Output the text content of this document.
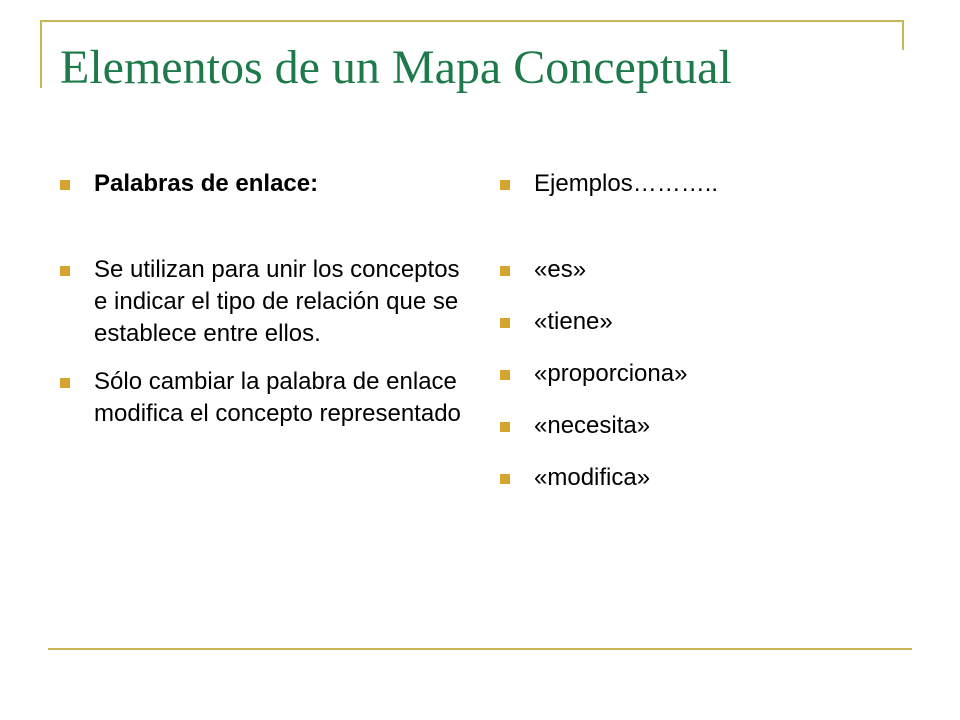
Elementos de un Mapa Conceptual
Palabras de enlace:
Se utilizan para unir los conceptos e indicar el tipo de relación que se establece entre ellos.
Sólo cambiar la palabra de enlace modifica el concepto representado
Ejemplos………..
«es»
«tiene»
«proporciona»
«necesita»
«modifica»
